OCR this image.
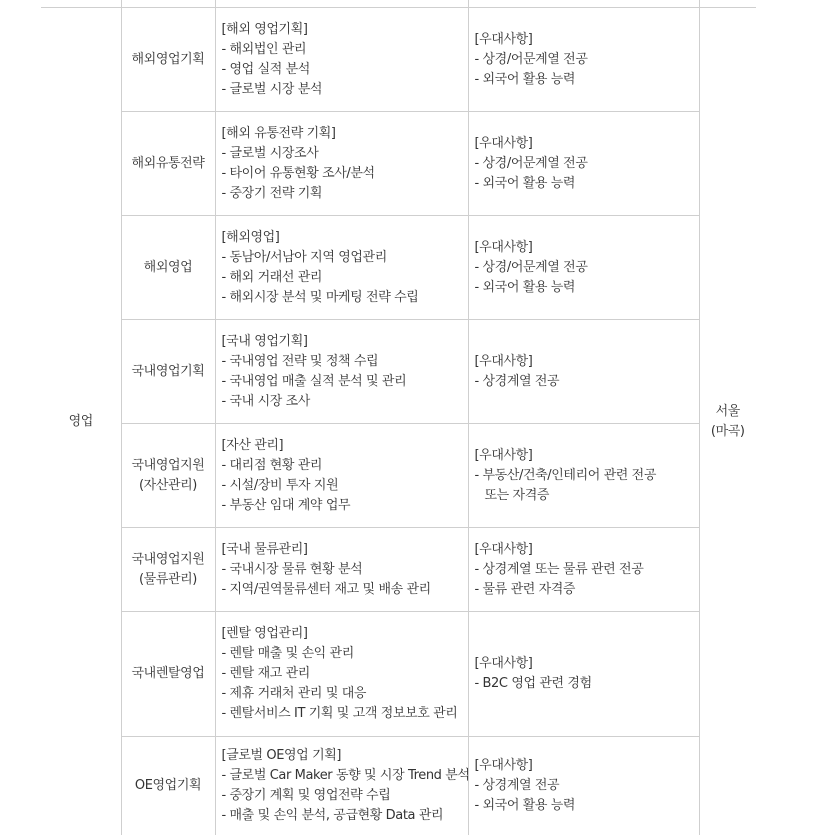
영업	해외영업기획	[해외 영업기획]
- 해외법인 관리
- 영업 실적 분석
- 글로벌 시장 분석	[우대사항]
- 상경/어문계열 전공
- 외국어 활용 능력	서울
(마곡)

	해외유통전략	[해외 유통전략 기획]
- 글로벌 시장조사
- 타이어 유통현황 조사/분석
- 중장기 전략 기획	[우대사항]
- 상경/어문계열 전공
- 외국어 활용 능력	

	해외영업	[해외영업]
- 동남아/서남아 지역 영업관리
- 해외 거래선 관리
- 해외시장 분석 및 마케팅 전략 수립	[우대사항]
- 상경/어문계열 전공
- 외국어 활용 능력	

	국내영업기획	[국내 영업기획]
- 국내영업 전략 및 정책 수립
- 국내영업 매출 실적 분석 및 관리
- 국내 시장 조사	[우대사항]
- 상경계열 전공	

	국내영업지원
(자산관리)	[자산 관리]
- 대리점 현황 관리
- 시설/장비 투자 지원
- 부동산 임대 계약 업무	[우대사항]
- 부동산/건축/인테리어 관련 전공
또는 자격증	

	국내영업지원
(물류관리)	[국내 물류관리]
- 국내시장 물류 현황 분석
- 지역/권역물류센터 재고 및 배송 관리	[우대사항]
- 상경계열 또는 물류 관련 전공
- 물류 관련 자격증	

	국내렌탈영업	[렌탈 영업관리]
- 렌탈 매출 및 손익 관리
- 렌탈 재고 관리
- 제휴 거래처 관리 및 대응
- 렌탈서비스 IT 기획 및 고객 정보보호 관리	[우대사항]
- B2C 영업 관련 경험	

	OE영업기획	[글로벌 OE영업 기획]
- 글로벌 Car Maker 동향 및 시장 Trend 분석
- 중장기 계획 및 영업전략 수립
- 매출 및 손익 분석, 공급현황 Data 관리	[우대사항]
- 상경계열 전공
- 외국어 활용 능력	
